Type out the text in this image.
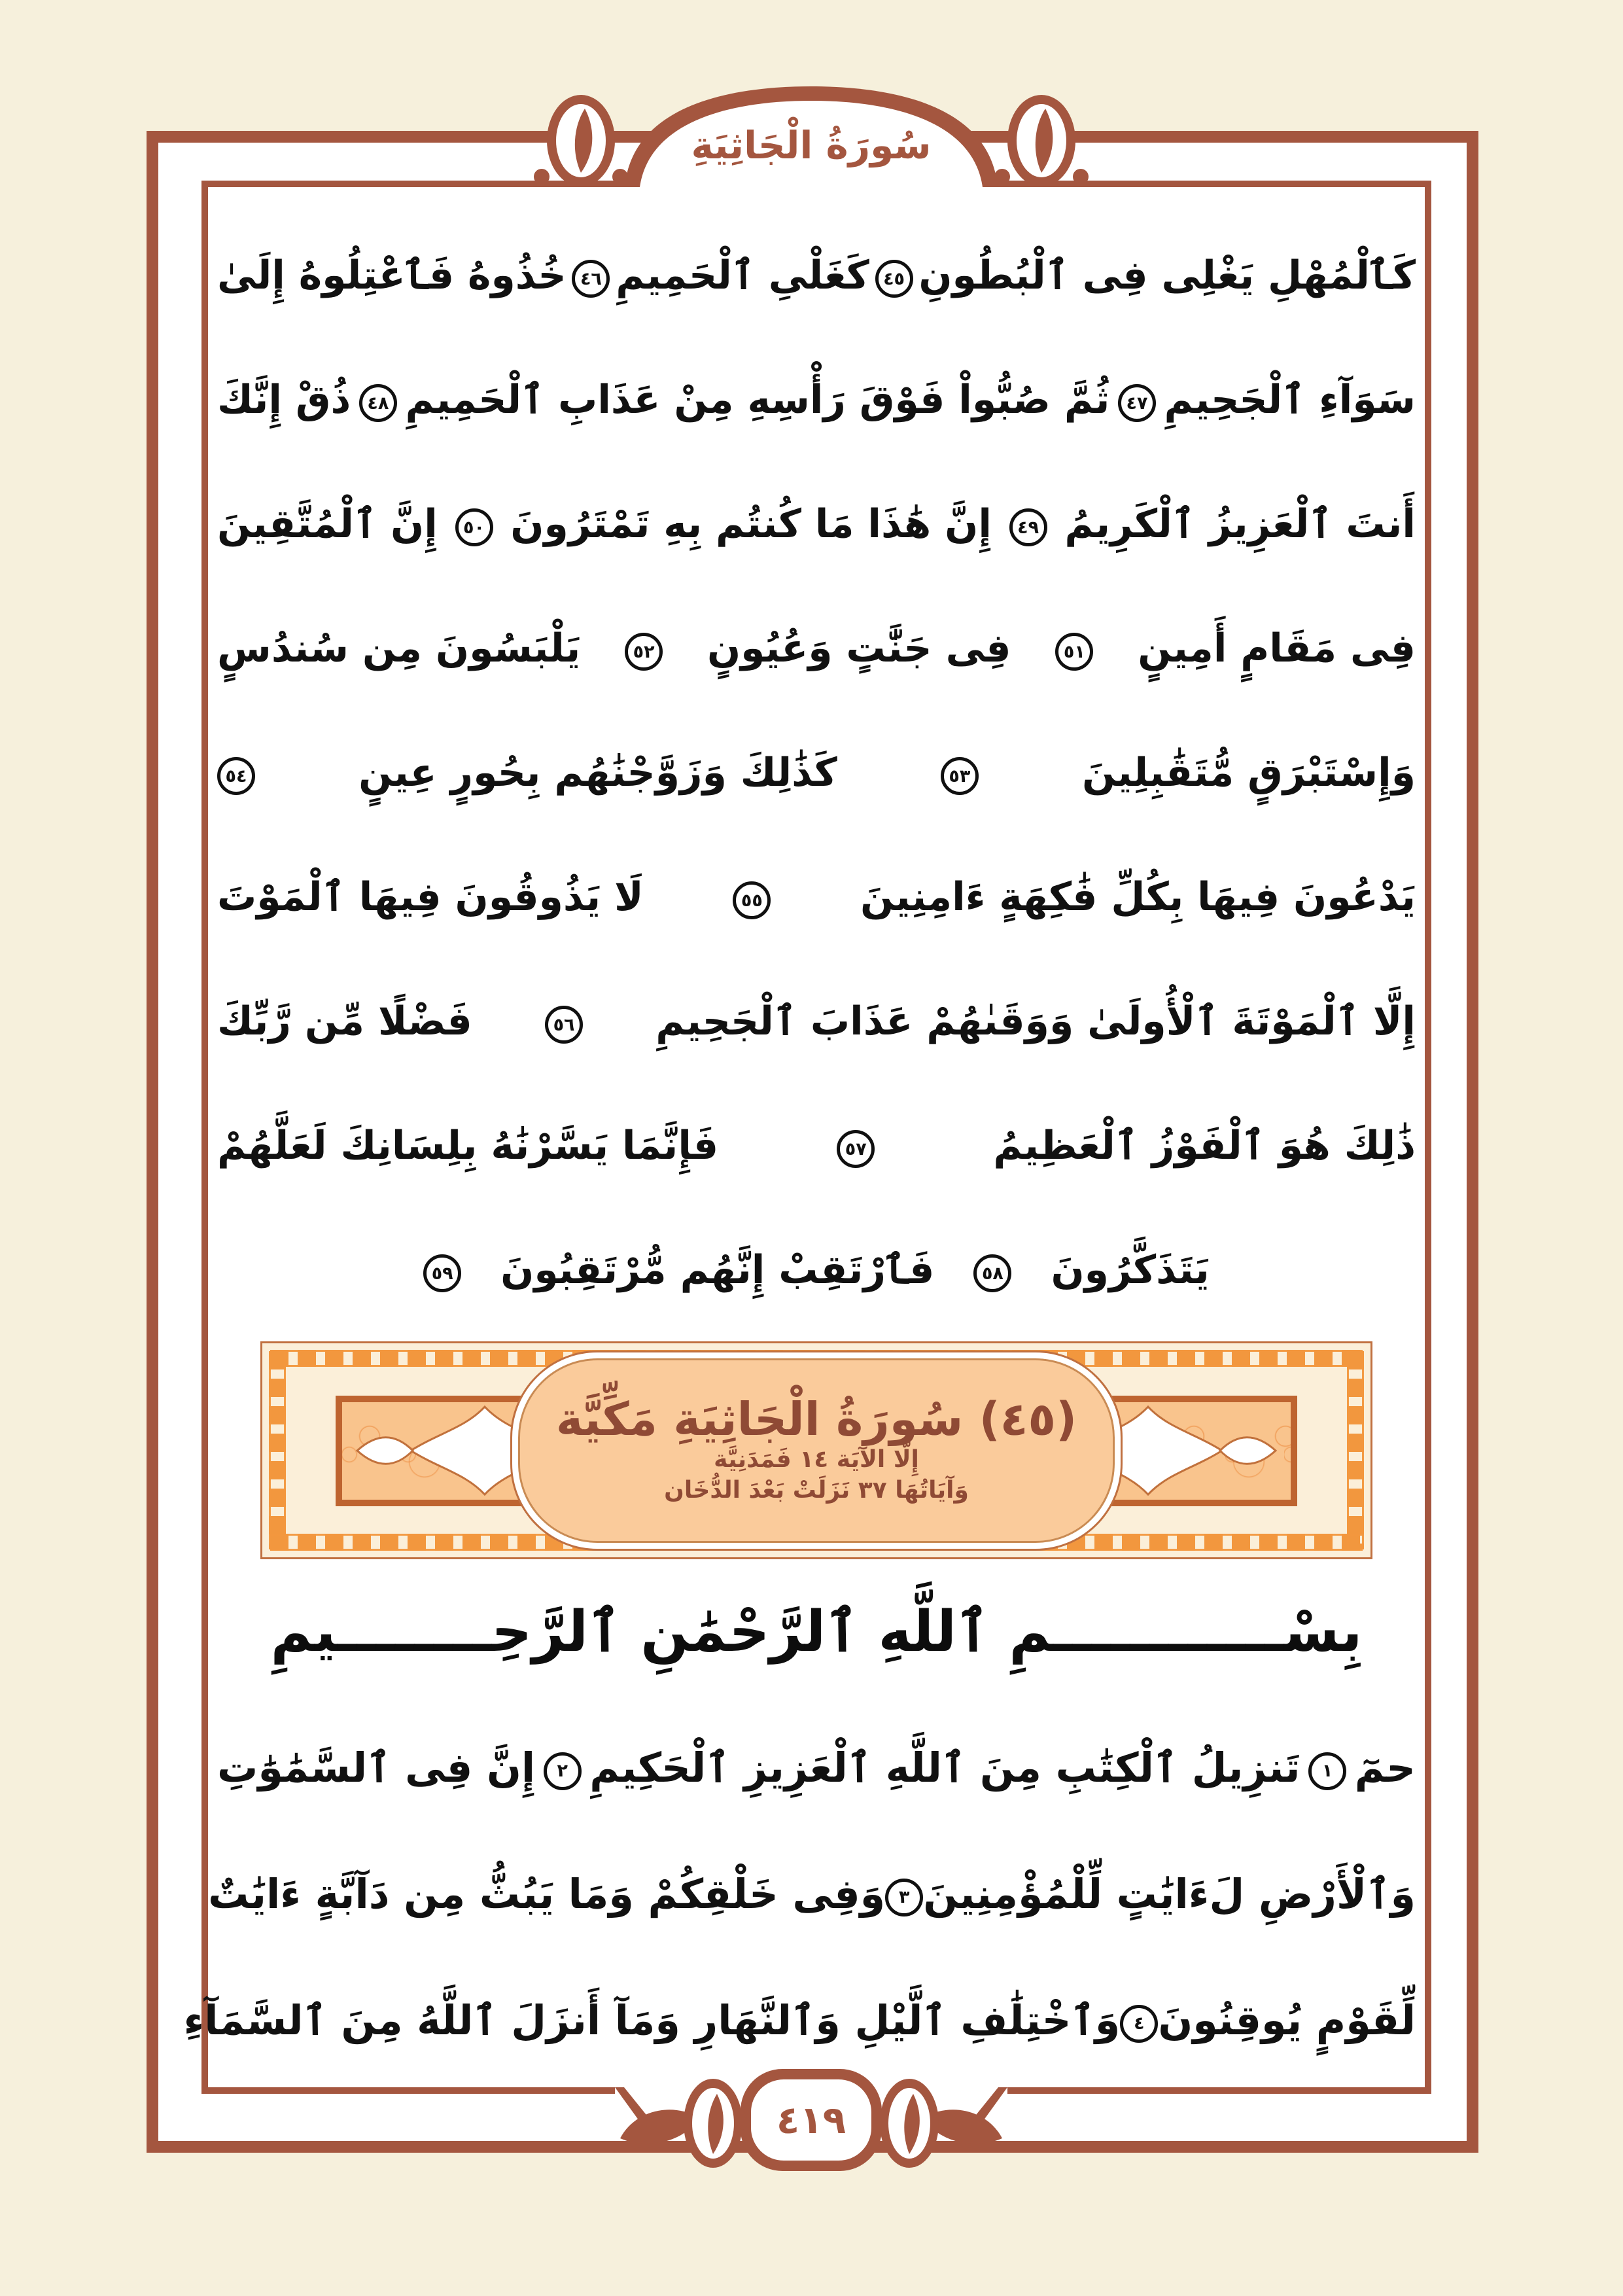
سُورَةُ الْجَاثِيَةِ
كَٱلْمُهْلِ يَغْلِى فِى ٱلْبُطُونِ
٤٥
كَغَلْىِ ٱلْحَمِيمِ
٤٦
خُذُوهُ فَٱعْتِلُوهُ إِلَىٰ
سَوَآءِ ٱلْجَحِيمِ
٤٧
ثُمَّ صُبُّواْ فَوْقَ رَأْسِهِ مِنْ عَذَابِ ٱلْحَمِيمِ
٤٨
ذُقْ إِنَّكَ
أَنتَ ٱلْعَزِيزُ ٱلْكَرِيمُ
٤٩
إِنَّ هَٰذَا مَا كُنتُم بِهِ تَمْتَرُونَ
٥٠
إِنَّ ٱلْمُتَّقِينَ
فِى مَقَامٍ أَمِينٍ
٥١
فِى جَنَّٰتٍ وَعُيُونٍ
٥٢
يَلْبَسُونَ مِن سُندُسٍ
وَإِسْتَبْرَقٍ مُّتَقَٰبِلِينَ
٥٣
كَذَٰلِكَ وَزَوَّجْنَٰهُم بِحُورٍ عِينٍ
٥٤
يَدْعُونَ فِيهَا بِكُلِّ فَٰكِهَةٍ ءَامِنِينَ
٥٥
لَا يَذُوقُونَ فِيهَا ٱلْمَوْتَ
إِلَّا ٱلْمَوْتَةَ ٱلْأُولَىٰ وَوَقَىٰهُمْ عَذَابَ ٱلْجَحِيمِ
٥٦
فَضْلًا مِّن رَّبِّكَ
ذَٰلِكَ هُوَ ٱلْفَوْزُ ٱلْعَظِيمُ
٥٧
فَإِنَّمَا يَسَّرْنَٰهُ بِلِسَانِكَ لَعَلَّهُمْ
يَتَذَكَّرُونَ
٥٨
فَٱرْتَقِبْ إِنَّهُم مُّرْتَقِبُونَ
٥٩
(٤٥) سُورَةُ الْجَاثِيَةِ مَكِّيَّة
إِلَّا الآيَة ١٤ فَمَدَنِيَّة
وَآيَاتُهَا ٣٧ نَزَلَتْ بَعْدَ الدُّخَان
بِسْــــــــــــمِ ٱللَّهِ ٱلرَّحْمَٰنِ ٱلرَّحِــــــــيمِ
حمٓ
١
تَنزِيلُ ٱلْكِتَٰبِ مِنَ ٱللَّهِ ٱلْعَزِيزِ ٱلْحَكِيمِ
٢
إِنَّ فِى ٱلسَّمَٰوَٰتِ
وَٱلْأَرْضِ لَءَايَٰتٍ لِّلْمُؤْمِنِينَ
٣
وَفِى خَلْقِكُمْ وَمَا يَبُثُّ مِن دَآبَّةٍ ءَايَٰتٌ
لِّقَوْمٍ يُوقِنُونَ
٤
وَٱخْتِلَٰفِ ٱلَّيْلِ وَٱلنَّهَارِ وَمَآ أَنزَلَ ٱللَّهُ مِنَ ٱلسَّمَآءِ
٤١٩
